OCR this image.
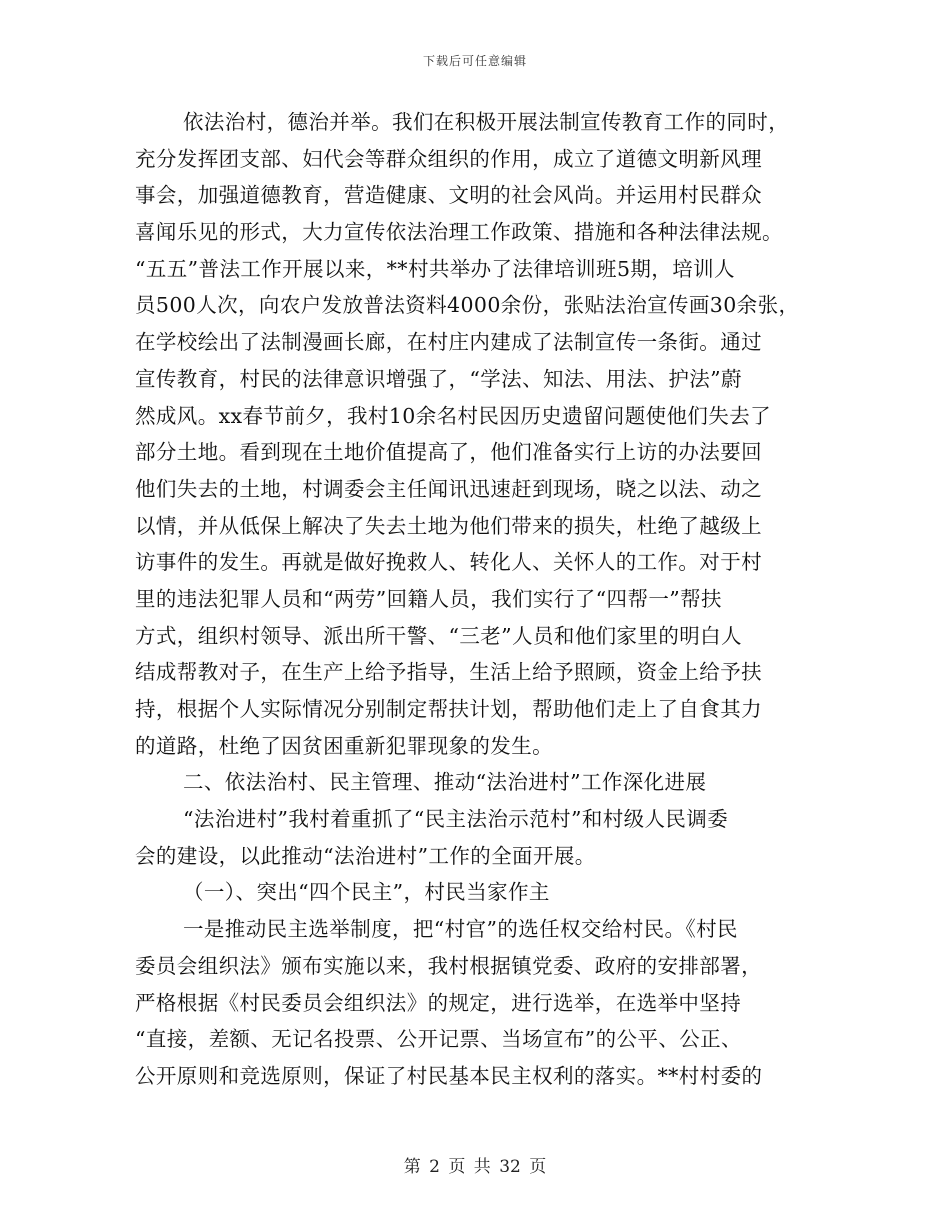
下载后可任意编辑
依法治村，德治并举。我们在积极开展法制宣传教育工作的同时，
充分发挥团支部、妇代会等群众组织的作用，成立了道德文明新风理
事会，加强道德教育，营造健康、文明的社会风尚。并运用村民群众
喜闻乐见的形式，大力宣传依法治理工作政策、措施和各种法律法规。
“五五”普法工作开展以来，**村共举办了法律培训班5期，培训人
员500人次，向农户发放普法资料4000余份，张贴法治宣传画30余张，
在学校绘出了法制漫画长廊，在村庄内建成了法制宣传一条街。通过
宣传教育，村民的法律意识增强了，“学法、知法、用法、护法”蔚
然成风。xx春节前夕，我村10余名村民因历史遗留问题使他们失去了
部分土地。看到现在土地价值提高了，他们准备实行上访的办法要回
他们失去的土地，村调委会主任闻讯迅速赶到现场，晓之以法、动之
以情，并从低保上解决了失去土地为他们带来的损失，杜绝了越级上
访事件的发生。再就是做好挽救人、转化人、关怀人的工作。对于村
里的违法犯罪人员和“两劳”回籍人员，我们实行了“四帮一”帮扶
方式，组织村领导、派出所干警、“三老”人员和他们家里的明白人
结成帮教对子，在生产上给予指导，生活上给予照顾，资金上给予扶
持，根据个人实际情况分别制定帮扶计划，帮助他们走上了自食其力
的道路，杜绝了因贫困重新犯罪现象的发生。
二、依法治村、民主管理、推动“法治进村”工作深化进展
“法治进村”我村着重抓了“民主法治示范村”和村级人民调委
会的建设，以此推动“法治进村”工作的全面开展。
（一）、突出“四个民主”，村民当家作主
一是推动民主选举制度，把“村官”的选任权交给村民。《村民
委员会组织法》颁布实施以来，我村根据镇党委、政府的安排部署，
严格根据《村民委员会组织法》的规定，进行选举，在选举中坚持
“直接，差额、无记名投票、公开记票、当场宣布”的公平、公正、
公开原则和竞选原则，保证了村民基本民主权利的落实。**村村委的
第 2 页 共 32 页
